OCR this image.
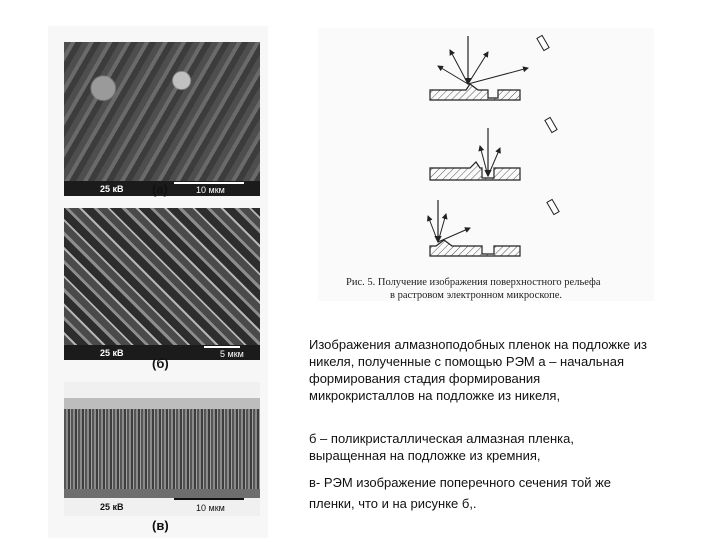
25 кВ	10 мкм
(а)
25 кВ	5 мкм
(б)
25 кВ	10 мкм
(в)
Рис. 5. Получение изображения поверхностного рельефа
в растровом электронном микроскопе.
Изображения алмазноподобных пленок на подложке из никеля, полученные с помощью РЭМ а – начальная формирования стадия формирования микрокристаллов на подложке из никеля,
б – поликристаллическая алмазная пленка, выращенная на подложке из кремния,
в- РЭМ изображение поперечного сечения той же пленки, что и на рисунке б,.
